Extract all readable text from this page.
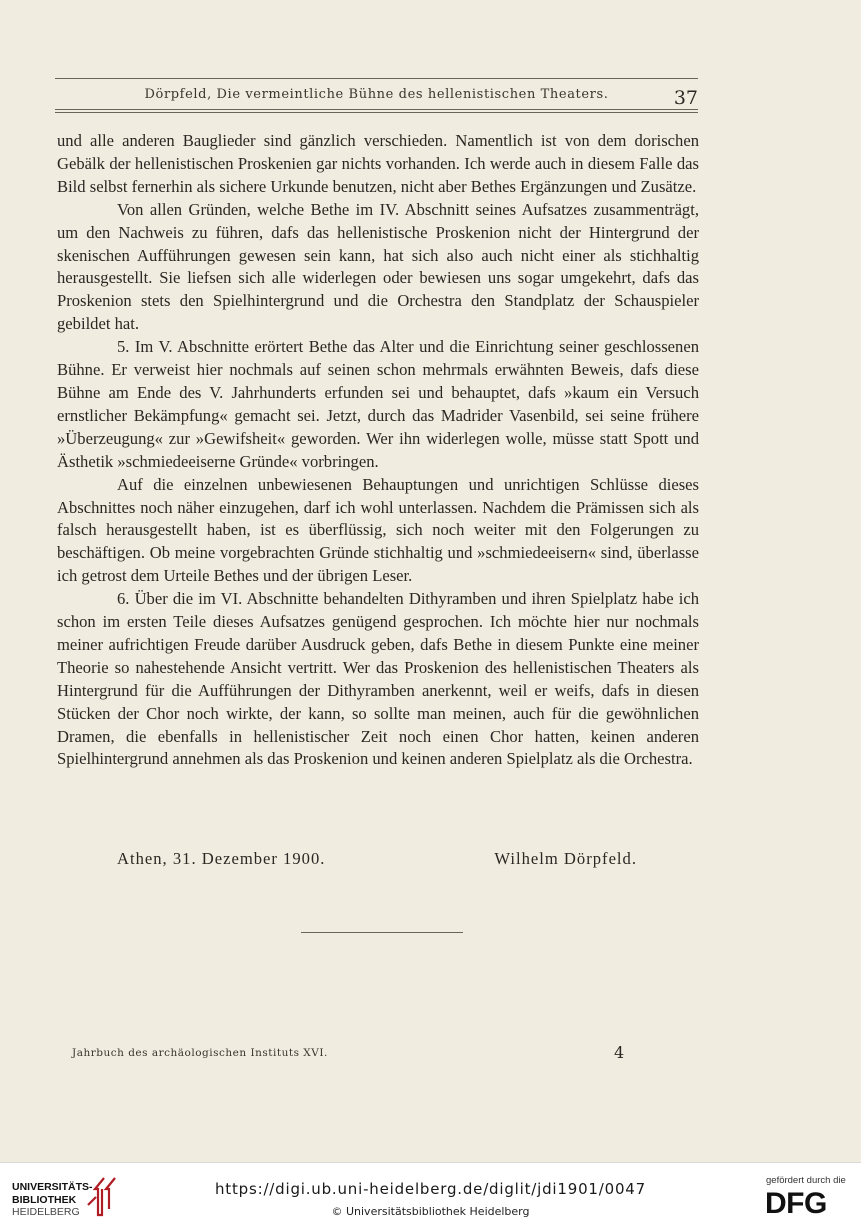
Dörpfeld, Die vermeintliche Bühne des hellenistischen Theaters.	37

und alle anderen Bauglieder sind gänzlich verschieden. Namentlich ist von dem dorischen Gebälk der hellenistischen Proskenien gar nichts vorhanden. Ich werde auch in diesem Falle das Bild selbst fernerhin als sichere Urkunde benutzen, nicht aber Bethes Ergänzungen und Zusätze.

Von allen Gründen, welche Bethe im IV. Abschnitt seines Aufsatzes zusammenträgt, um den Nachweis zu führen, dafs das hellenistische Proskenion nicht der Hintergrund der skenischen Aufführungen gewesen sein kann, hat sich also auch nicht einer als stichhaltig herausgestellt. Sie liefsen sich alle widerlegen oder bewiesen uns sogar umgekehrt, dafs das Proskenion stets den Spielhintergrund und die Orchestra den Standplatz der Schauspieler gebildet hat.

5. Im V. Abschnitte erörtert Bethe das Alter und die Einrichtung seiner geschlossenen Bühne. Er verweist hier nochmals auf seinen schon mehrmals erwähnten Beweis, dafs diese Bühne am Ende des V. Jahrhunderts erfunden sei und behauptet, dafs »kaum ein Versuch ernstlicher Bekämpfung« gemacht sei. Jetzt, durch das Madrider Vasenbild, sei seine frühere »Überzeugung« zur »Gewifsheit« geworden. Wer ihn widerlegen wolle, müsse statt Spott und Ästhetik »schmiedeeiserne Gründe« vorbringen.

Auf die einzelnen unbewiesenen Behauptungen und unrichtigen Schlüsse dieses Abschnittes noch näher einzugehen, darf ich wohl unterlassen. Nachdem die Prämissen sich als falsch herausgestellt haben, ist es überflüssig, sich noch weiter mit den Folgerungen zu beschäftigen. Ob meine vorgebrachten Gründe stichhaltig und »schmiedeeisern« sind, überlasse ich getrost dem Urteile Bethes und der übrigen Leser.

6. Über die im VI. Abschnitte behandelten Dithyramben und ihren Spielplatz habe ich schon im ersten Teile dieses Aufsatzes genügend gesprochen. Ich möchte hier nur nochmals meiner aufrichtigen Freude darüber Ausdruck geben, dafs Bethe in diesem Punkte eine meiner Theorie so nahestehende Ansicht vertritt. Wer das Proskenion des hellenistischen Theaters als Hintergrund für die Aufführungen der Dithyramben anerkennt, weil er weifs, dafs in diesen Stücken der Chor noch wirkte, der kann, so sollte man meinen, auch für die gewöhnlichen Dramen, die ebenfalls in hellenistischer Zeit noch einen Chor hatten, keinen anderen Spielhintergrund annehmen als das Proskenion und keinen anderen Spielplatz als die Orchestra.

Athen, 31. Dezember 1900.	Wilhelm Dörpfeld.
Jahrbuch des archäologischen Instituts XVI.	4
UNIVERSITÄTS-
BIBLIOTHEK
HEIDELBERG
https://digi.ub.uni-heidelberg.de/diglit/jdi1901/0047
© Universitätsbibliothek Heidelberg
gefördert durch die
DFG
